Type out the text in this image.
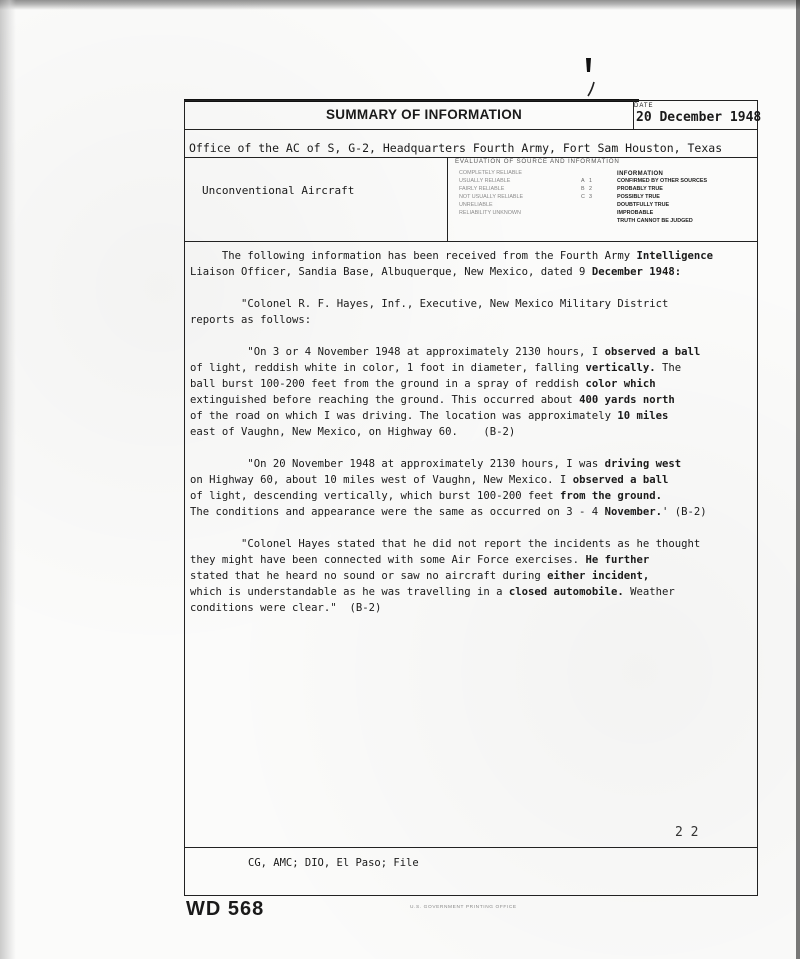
SUMMARY OF INFORMATION
DATE
20 December 1948
Office of the AC of S, G-2, Headquarters Fourth Army, Fort Sam Houston, Texas
Unconventional Aircraft
EVALUATION OF SOURCE AND INFORMATION
INFORMATION
COMPLETELY RELIABLE
USUALLY RELIABLE
FAIRLY RELIABLE
NOT USUALLY RELIABLE
UNRELIABLE
RELIABILITY UNKNOWN
A
B
C
1
2
3
CONFIRMED BY OTHER SOURCES
PROBABLY TRUE
POSSIBLY TRUE
DOUBTFULLY TRUE
IMPROBABLE
TRUTH CANNOT BE JUDGED

The following information has been received from the Fourth Army Intelligence
Liaison Officer, Sandia Base, Albuquerque, New Mexico, dated 9 December 1948:

"Colonel R. F. Hayes, Inf., Executive, New Mexico Military District
reports as follows:

"On 3 or 4 November 1948 at approximately 2130 hours, I observed a ball
of light, reddish white in color, 1 foot in diameter, falling vertically. The
ball burst 100-200 feet from the ground in a spray of reddish color which
extinguished before reaching the ground. This occurred about 400 yards north
of the road on which I was driving. The location was approximately 10 miles
east of Vaughn, New Mexico, on Highway 60.    (B-2)

"On 20 November 1948 at approximately 2130 hours, I was driving west
on Highway 60, about 10 miles west of Vaughn, New Mexico. I observed a ball
of light, descending vertically, which burst 100-200 feet from the ground.
The conditions and appearance were the same as occurred on 3 - 4 November.' (B-2)

"Colonel Hayes stated that he did not report the incidents as he thought
they might have been connected with some Air Force exercises. He further
stated that he heard no sound or saw no aircraft during either incident,
which is understandable as he was travelling in a closed automobile. Weather
conditions were clear."  (B-2)

2 2
CG, AMC; DIO, El Paso; File
WD 568	U.S. GOVERNMENT PRINTING OFFICE
